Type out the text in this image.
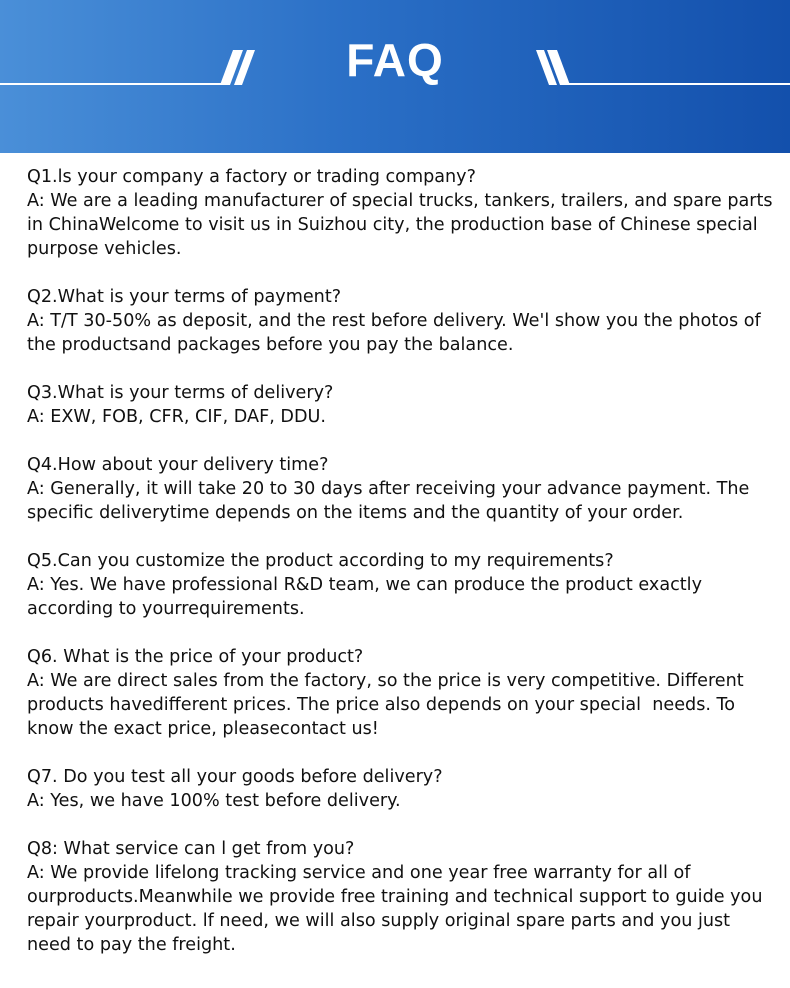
FAQ

Q1.ls your company a factory or trading company?

A: We are a leading manufacturer of special trucks, tankers, trailers, and spare parts in ChinaWelcome to visit us in Suizhou city, the production base of Chinese special purpose vehicles.

Q2.What is your terms of payment?

A: T/T 30-50% as deposit, and the rest before delivery. We'l show you the photos of the productsand packages before you pay the balance.

Q3.What is your terms of delivery?

A: EXW, FOB, CFR, CIF, DAF, DDU.

Q4.How about your delivery time?

A: Generally, it will take 20 to 30 days after receiving your advance payment. The specific deliverytime depends on the items and the quantity of your order.

Q5.Can you customize the product according to my requirements?

A: Yes. We have professional R&D team, we can produce the product exactly according to yourrequirements.

Q6. What is the price of your product?

A: We are direct sales from the factory, so the price is very competitive. Different products havedifferent prices. The price also depends on your special  needs. To know the exact price, pleasecontact us!

Q7. Do you test all your goods before delivery?

A: Yes, we have 100% test before delivery.

Q8: What service can l get from you?

A: We provide lifelong tracking service and one year free warranty for all of ourproducts.Meanwhile we provide free training and technical support to guide you repair yourproduct. lf need, we will also supply original spare parts and you just need to pay the freight.
